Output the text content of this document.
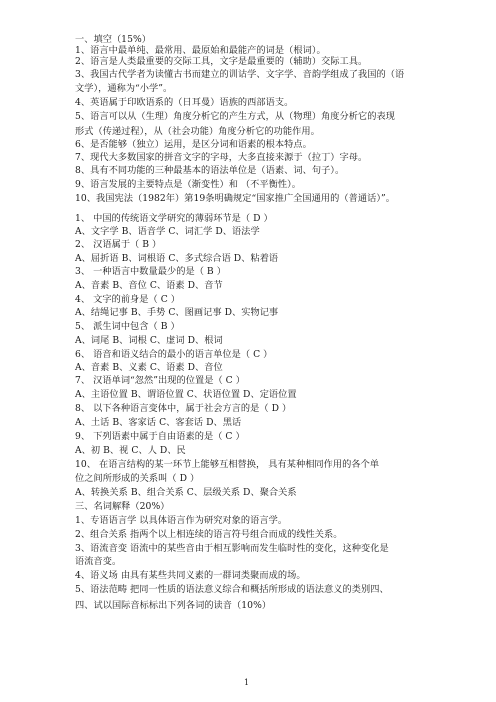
一、填空（15%）
1、语言中最单纯、最常用、最原始和最能产的词是（根词）。
2、语言是人类最重要的交际工具，文字是最重要的（辅助）交际工具。
3、我国古代学者为读懂古书而建立的训诂学、文字学、音韵学组成了我国的（语
文学），通称为“小学”。
4、英语属于印欧语系的（日耳曼）语族的西部语支。
5、语言可以从（生理）角度分析它的产生方式，从（物理）角度分析它的表现
形式（传递过程），从（社会功能）角度分析它的功能作用。
6、是否能够（独立）运用，是区分词和语素的根本特点。
7、现代大多数国家的拼音文字的字母，大多直接来源于（拉丁）字母。
8、具有不同功能的三种最基本的语法单位是（语素、词、句子）。
9、语言发展的主要特点是（渐变性）和 （不平衡性）。
10、我国宪法（1982年）第19条明确规定“国家推广全国通用的（普通话）”。
1、 中国的传统语文学研究的薄弱环节是（ D ）
A、文字学 B、语音学 C、词汇学 D、语法学
2、 汉语属于（ B ）
A、屈折语 B、词根语 C、多式综合语 D、粘着语
3、 一种语言中数量最少的是（ B ）
A、音素 B、音位 C、语素 D、音节
4、 文字的前身是（ C ）
A、结绳记事 B、手势 C、图画记事 D、实物记事
5、 派生词中包含（ B ）
A、词尾 B、词根 C、虚词 D、根词
6、 语音和语义结合的最小的语言单位是（ C ）
A、音素 B、义素 C、语素 D、音位
7、 汉语单词“忽然”出现的位置是（ C ）
A、主语位置 B、谓语位置 C、状语位置 D、定语位置
8、 以下各种语言变体中，属于社会方言的是（ D ）
A、土话 B、客家话 C、客套话 D、黑话
9、 下列语素中属于自由语素的是（ C ）
A、初 B、视 C、人 D、民
10、 在语言结构的某一环节上能够互相替换， 具有某种相同作用的各个单
位之间所形成的关系叫（ D ）
A、转换关系 B、组合关系 C、层级关系 D、聚合关系
三、名词解释（20%）
1、专语语言学 以具体语言作为研究对象的语言学。
2、组合关系 指两个以上相连续的语言符号组合而成的线性关系。
3、语流音变 语流中的某些音由于相互影响而发生临时性的变化，这种变化是
语流音变。
4、语义场 由具有某些共同义素的一群词类聚而成的场。
5、语法范畴 把同一性质的语法意义综合和概括所形成的语法意义的类别四、
四、试以国际音标标出下列各词的读音（10%）
1
